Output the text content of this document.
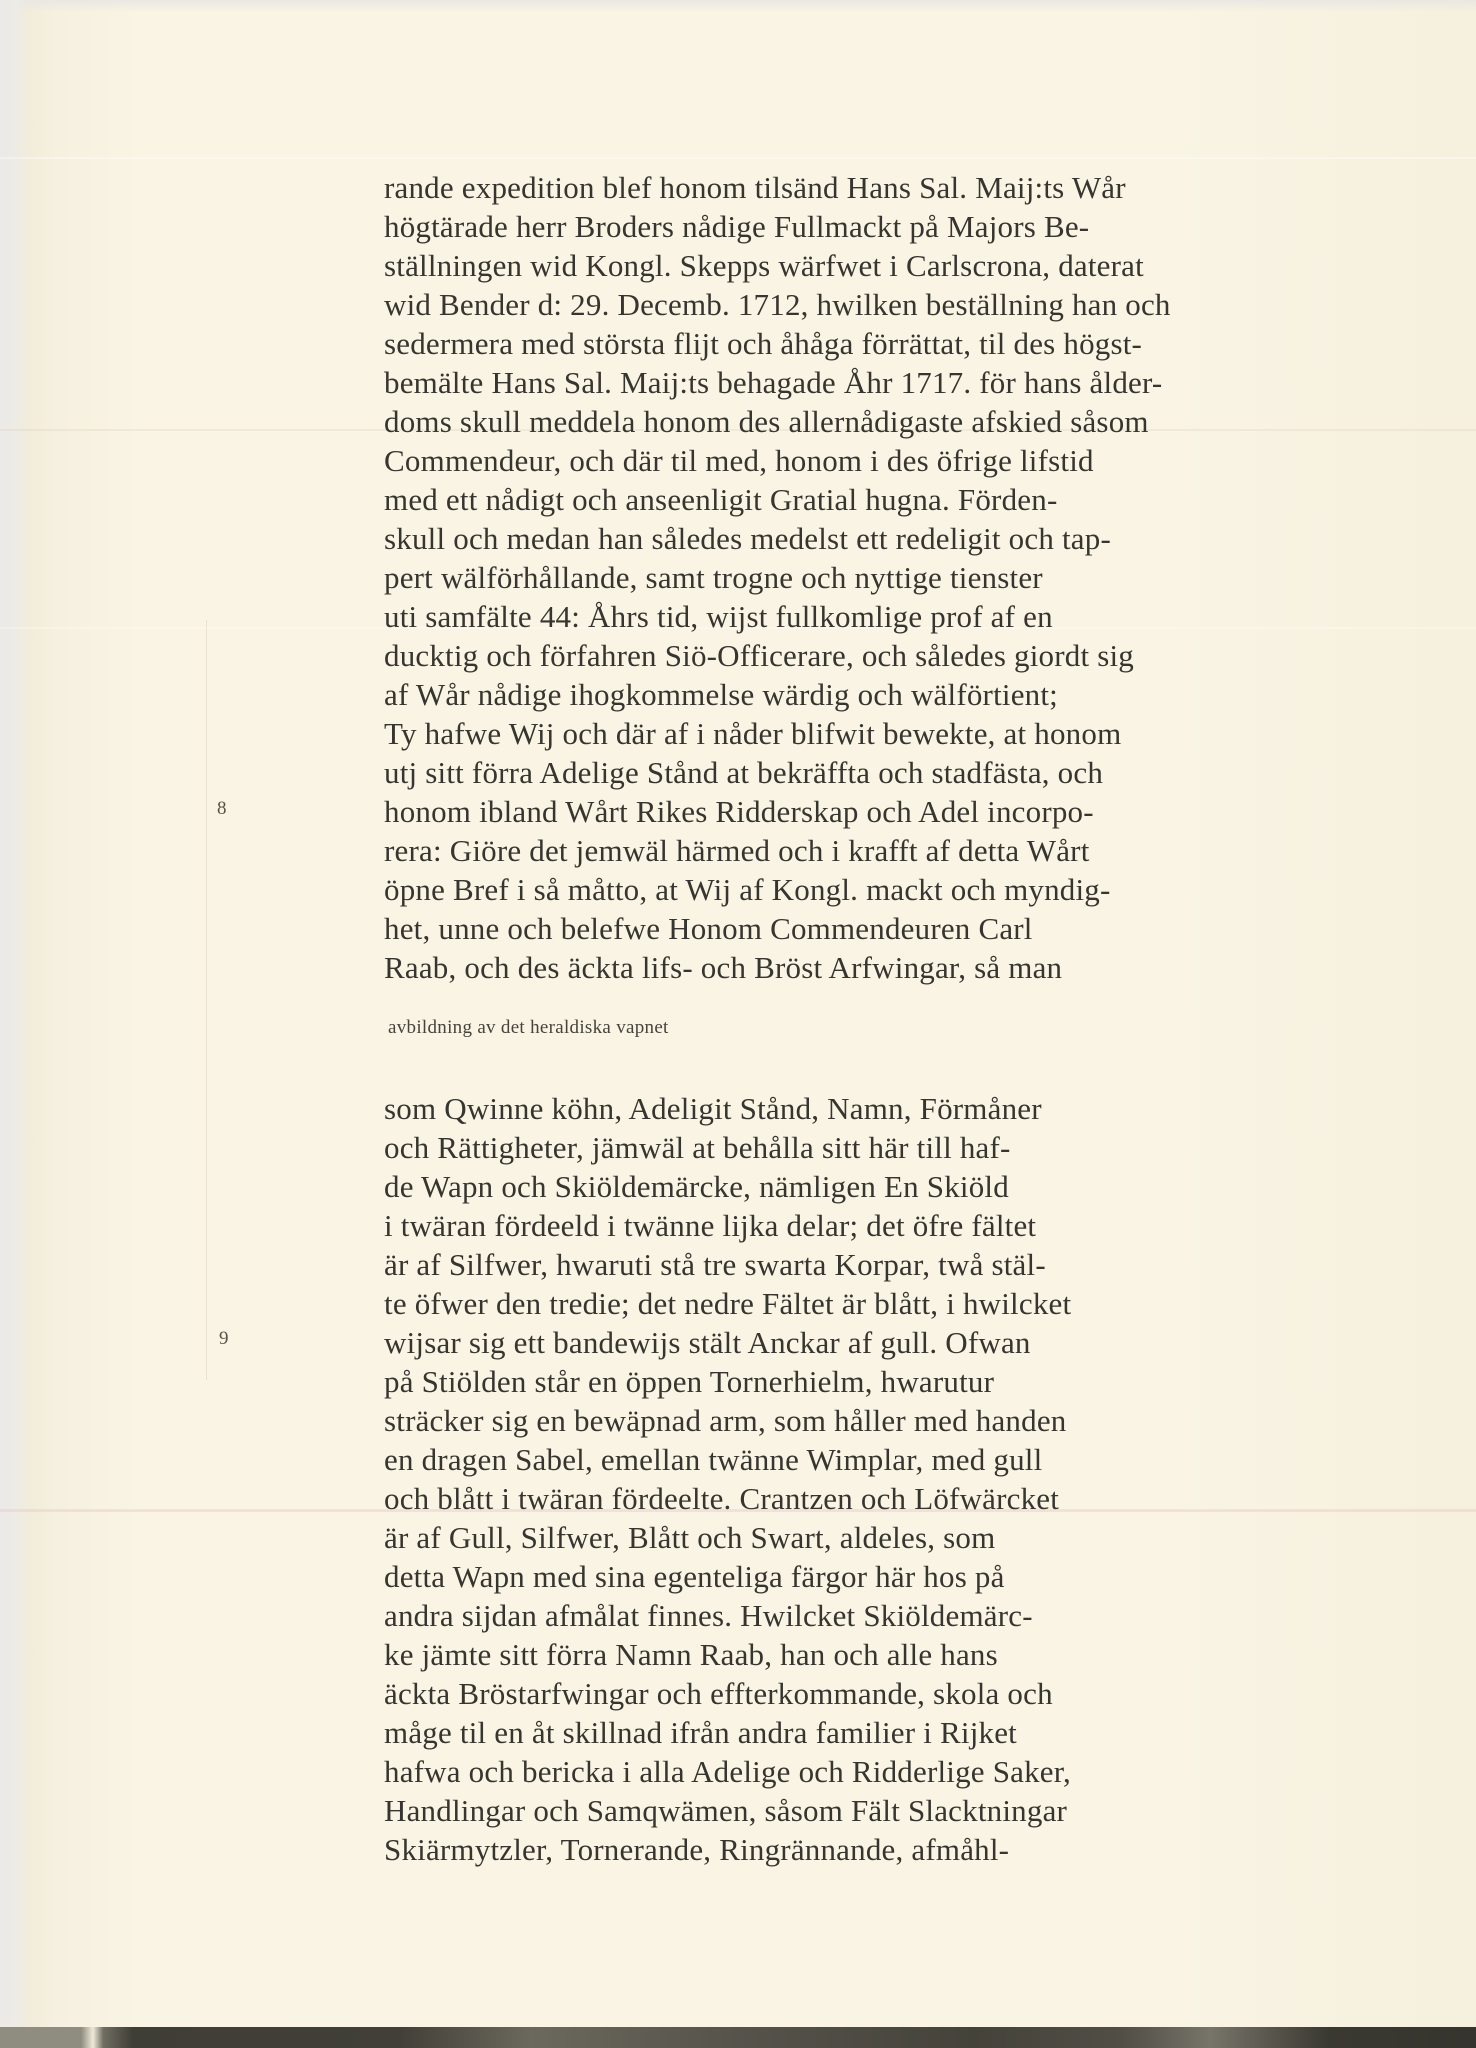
8
9
rande expedition blef honom tilsänd Hans Sal. Maij:ts Wår
högtärade herr Broders nådige Fullmackt på Majors Be-
ställningen wid Kongl. Skepps wärfwet i Carlscrona, daterat
wid Bender d: 29. Decemb. 1712, hwilken beställning han och
sedermera med största flijt och åhåga förrättat, til des högst-
bemälte Hans Sal. Maij:ts behagade Åhr 1717. för hans ålder-
doms skull meddela honom des allernådigaste afskied såsom
Commendeur, och där til med, honom i des öfrige lifstid
med ett nådigt och anseenligit Gratial hugna. Förden-
skull och medan han således medelst ett redeligit och tap-
pert wälförhållande, samt trogne och nyttige tienster
uti samfälte 44: Åhrs tid, wijst fullkomlige prof af en
ducktig och förfahren Siö-Officerare, och således giordt sig
af Wår nådige ihogkommelse wärdig och wälförtient;
Ty hafwe Wij och där af i nåder blifwit bewekte, at honom
utj sitt förra Adelige Stånd at bekräffta och stadfästa, och
honom ibland Wårt Rikes Ridderskap och Adel incorpo-
rera: Giöre det jemwäl härmed och i krafft af detta Wårt
öpne Bref i så måtto, at Wij af Kongl. mackt och myndig-
het, unne och belefwe Honom Commendeuren Carl
Raab, och des äckta lifs- och Bröst Arfwingar, så man
avbildning av det heraldiska vapnet
som Qwinne köhn, Adeligit Stånd, Namn, Förmåner
och Rättigheter, jämwäl at behålla sitt här till haf-
de Wapn och Skiöldemärcke, nämligen En Skiöld
i twäran fördeeld i twänne lijka delar; det öfre fältet
är af Silfwer, hwaruti stå tre swarta Korpar, twå stäl-
te öfwer den tredie; det nedre Fältet är blått, i hwilcket
wijsar sig ett bandewijs stält Anckar af gull. Ofwan
på Stiölden står en öppen Tornerhielm, hwarutur
sträcker sig en bewäpnad arm, som håller med handen
en dragen Sabel, emellan twänne Wimplar, med gull
och blått i twäran fördeelte. Crantzen och Löfwärcket
är af Gull, Silfwer, Blått och Swart, aldeles, som
detta Wapn med sina egenteliga färgor här hos på
andra sijdan afmålat finnes. Hwilcket Skiöldemärc-
ke jämte sitt förra Namn Raab, han och alle hans
äckta Bröstarfwingar och effterkommande, skola och
måge til en åt skillnad ifrån andra familier i Rijket
hafwa och bericka i alla Adelige och Ridderlige Saker,
Handlingar och Samqwämen, såsom Fält Slacktningar
Skiärmytzler, Tornerande, Ringrännande, afmåhl-
